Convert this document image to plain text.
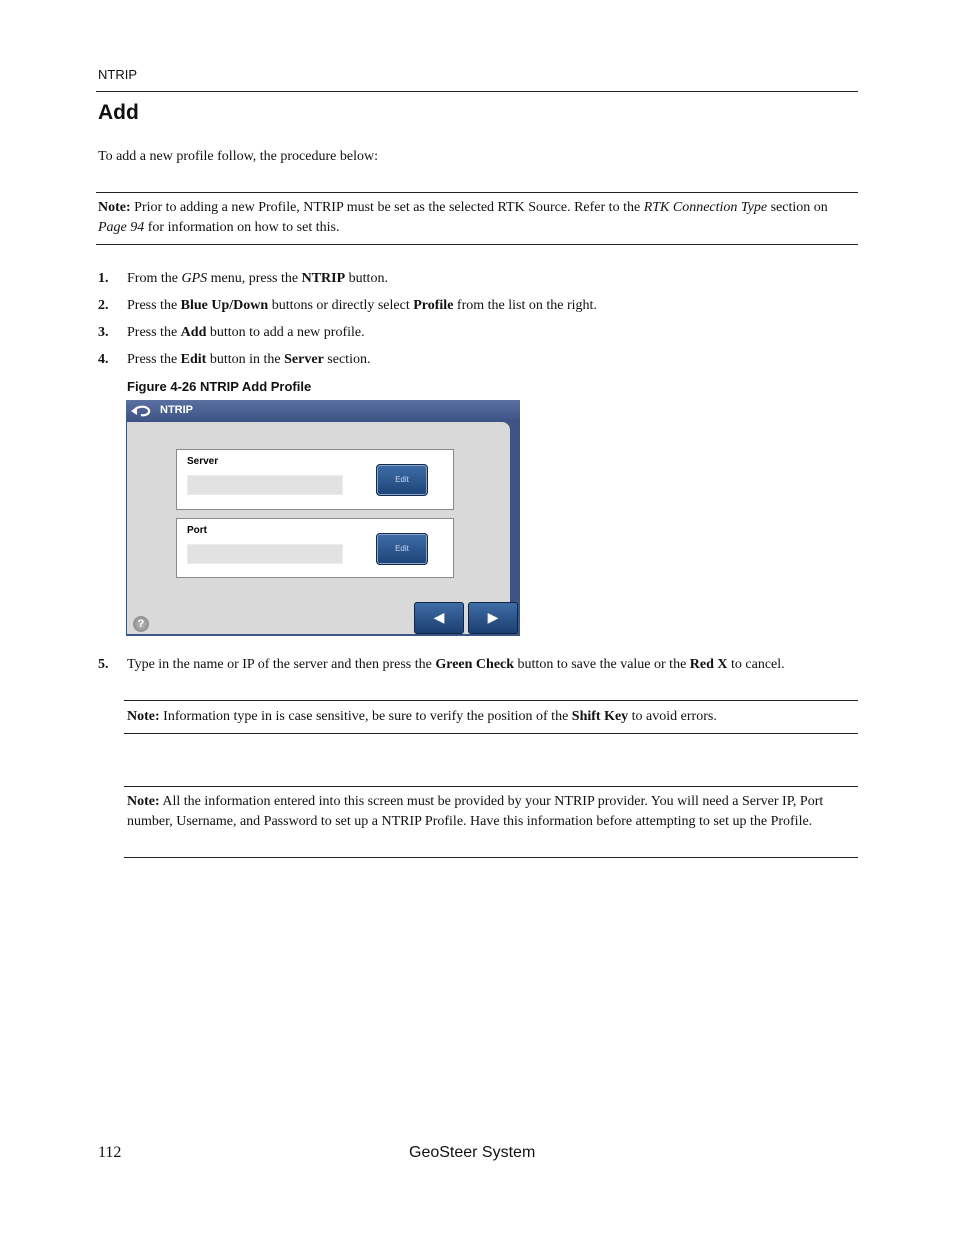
NTRIP
Add
To add a new profile follow, the procedure below:
Note: Prior to adding a new Profile, NTRIP must be set as the selected RTK Source. Refer to the RTK Connection Type section on Page 94 for information on how to set this.
1. From the GPS menu, press the NTRIP button.
2. Press the Blue Up/Down buttons or directly select Profile from the list on the right.
3. Press the Add button to add a new profile.
4. Press the Edit button in the Server section.
Figure 4-26 NTRIP Add Profile
NTRIP
Server
Edit
Port
Edit
?	◀	▶
5. Type in the name or IP of the server and then press the Green Check button to save the value or the Red X to cancel.
Note: Information type in is case sensitive, be sure to verify the position of the Shift Key to avoid errors.
Note: All the information entered into this screen must be provided by your NTRIP provider. You will need a Server IP, Port number, Username, and Password to set up a NTRIP Profile. Have this information before attempting to set up the Profile.
112	GeoSteer System
